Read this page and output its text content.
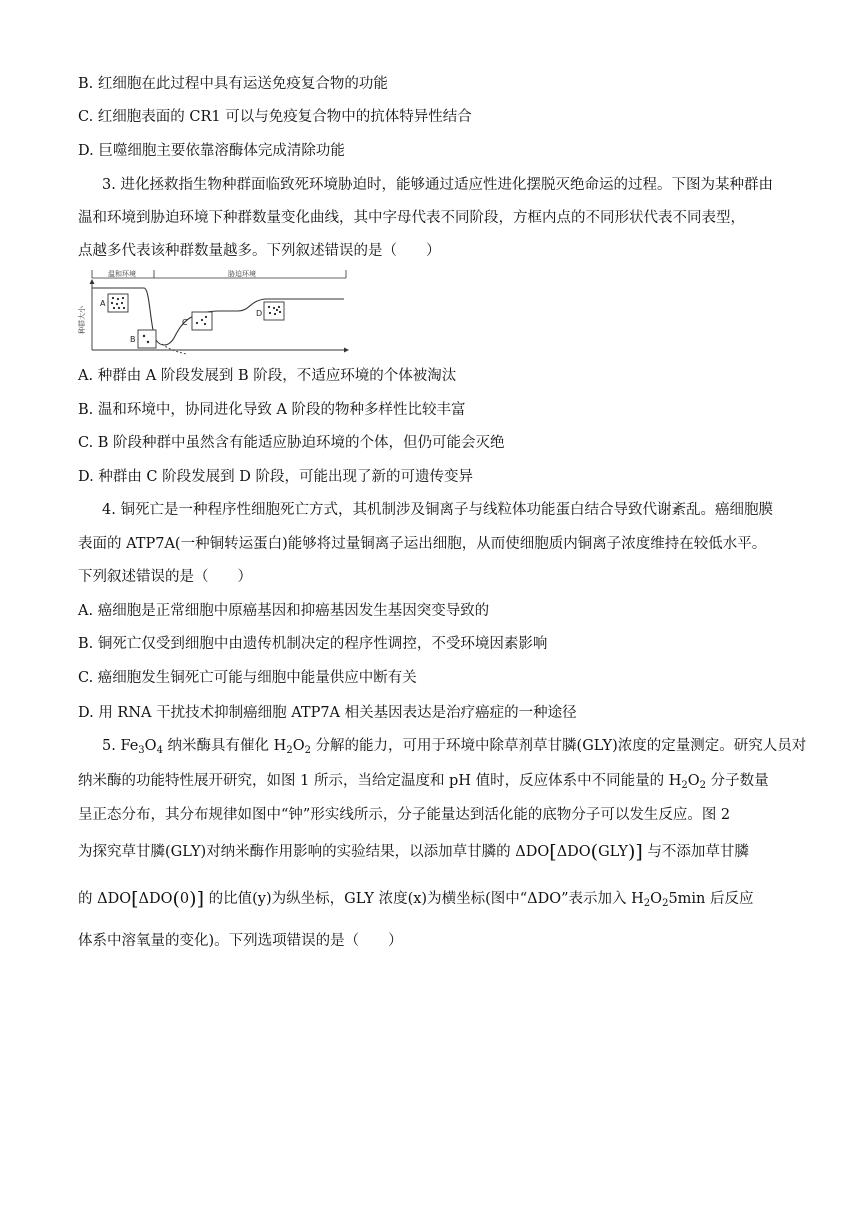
B. 红细胞在此过程中具有运送免疫复合物的功能
C. 红细胞表面的 CR1 可以与免疫复合物中的抗体特异性结合
D. 巨噬细胞主要依靠溶酶体完成清除功能
3. 进化拯救指生物种群面临致死环境胁迫时，能够通过适应性进化摆脱灭绝命运的过程。下图为某种群由
温和环境到胁迫环境下种群数量变化曲线，其中字母代表不同阶段，方框内点的不同形状代表不同表型，
点越多代表该种群数量越多。下列叙述错误的是（　　）
温和环境	胁迫环境
种群大小
A
B
C
D
A. 种群由 A 阶段发展到 B 阶段，不适应环境的个体被淘汰
B. 温和环境中，协同进化导致 A 阶段的物种多样性比较丰富
C. B 阶段种群中虽然含有能适应胁迫环境的个体，但仍可能会灭绝
D. 种群由 C 阶段发展到 D 阶段，可能出现了新的可遗传变异
4. 铜死亡是一种程序性细胞死亡方式，其机制涉及铜离子与线粒体功能蛋白结合导致代谢紊乱。癌细胞膜
表面的 ATP7A(一种铜转运蛋白)能够将过量铜离子运出细胞，从而使细胞质内铜离子浓度维持在较低水平。
下列叙述错误的是（　　）
A. 癌细胞是正常细胞中原癌基因和抑癌基因发生基因突变导致的
B. 铜死亡仅受到细胞中由遗传机制决定的程序性调控，不受环境因素影响
C. 癌细胞发生铜死亡可能与细胞中能量供应中断有关
D. 用 RNA 干扰技术抑制癌细胞 ATP7A 相关基因表达是治疗癌症的一种途径
5. $Fe_3O_4$ 纳米酶具有催化 $H_2O_2$ 分解的能力，可用于环境中除草剂草甘膦(GLY)浓度的定量测定。研究人员对
纳米酶的功能特性展开研究，如图 1 所示，当给定温度和 pH 值时，反应体系中不同能量的 $H_2O_2$ 分子数量
呈正态分布，其分布规律如图中“钟”形实线所示，分子能量达到活化能的底物分子可以发生反应。图 2
为探究草甘膦(GLY)对纳米酶作用影响的实验结果，以添加草甘膦的 ΔDO[ΔDO(GLY)] 与不添加草甘膦
的 ΔDO[ΔDO(0)] 的比值(y)为纵坐标，GLY 浓度(x)为横坐标(图中“ΔDO”表示加入 $H_2O_25\min$ 后反应
体系中溶氧量的变化)。下列选项错误的是（　　）
